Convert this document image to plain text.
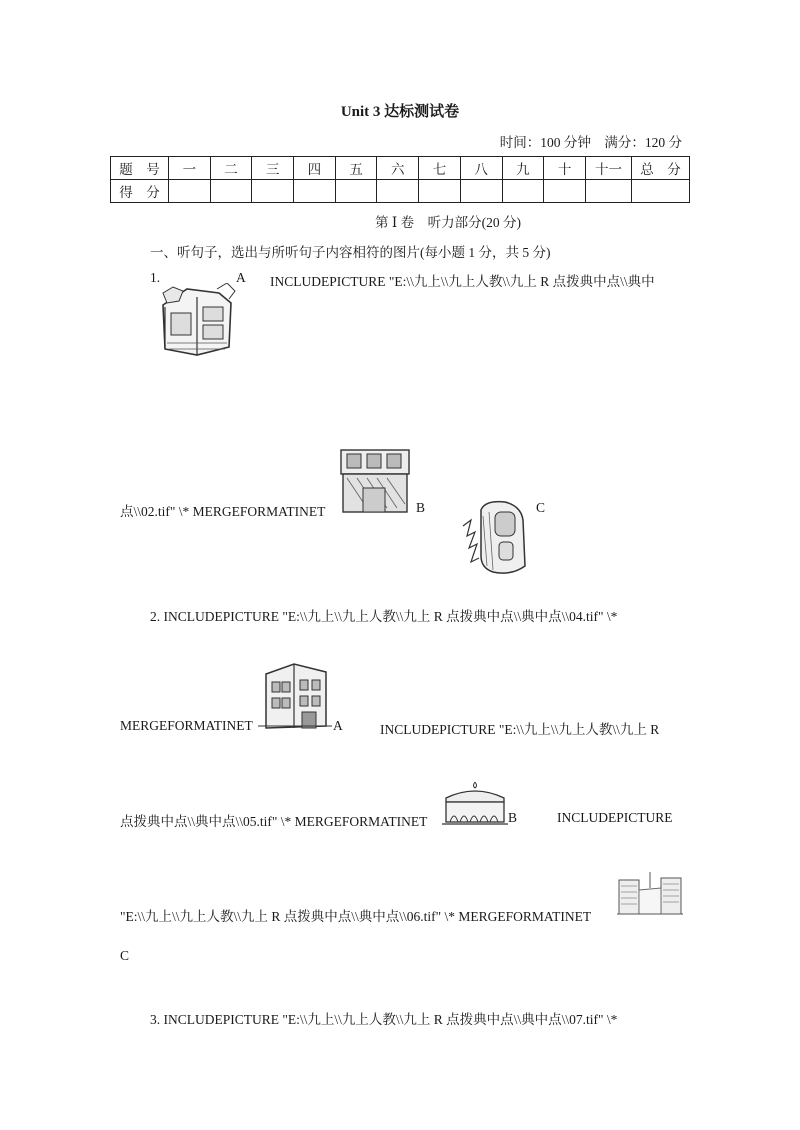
Unit 3 达标测试卷
时间：100 分钟　满分：120 分
题　号	一	二	三	四	五	六	七	八	九	十	十一	总　分
得　分												
第 Ⅰ 卷　听力部分(20 分)
一、听句子，选出与所听句子内容相符的图片(每小题 1 分，共 5 分)
1.	A INCLUDEPICTURE "E:\\九上\\九上人教\\九上 R 点拨典中点\\典中
点\\02.tif" \* MERGEFORMATINET	B	C
2. INCLUDEPICTURE "E:\\九上\\九上人教\\九上 R 点拨典中点\\典中点\\04.tif" \*
MERGEFORMATINET	A	INCLUDEPICTURE "E:\\九上\\九上人教\\九上 R
点拨典中点\\典中点\\05.tif" \* MERGEFORMATINET	B	INCLUDEPICTURE
"E:\\九上\\九上人教\\九上 R 点拨典中点\\典中点\\06.tif" \* MERGEFORMATINET
C
3. INCLUDEPICTURE "E:\\九上\\九上人教\\九上 R 点拨典中点\\典中点\\07.tif" \*
